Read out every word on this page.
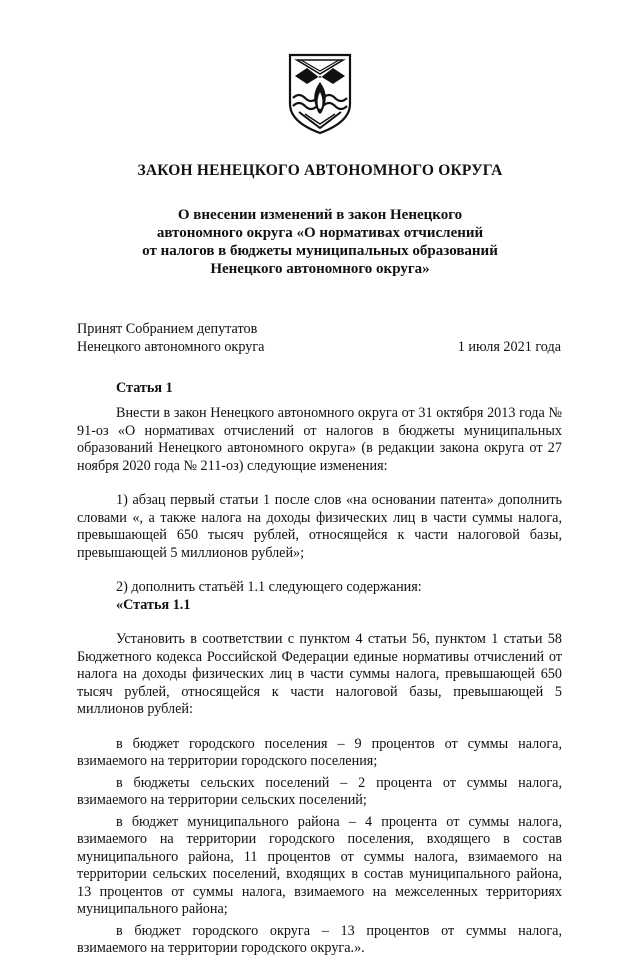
ЗАКОН НЕНЕЦКОГО АВТОНОМНОГО ОКРУГА
О внесении изменений в закон Ненецкого
автономного округа «О нормативах отчислений
от налогов в бюджеты муниципальных образований
Ненецкого автономного округа»
Принят Собранием депутатов
Ненецкого автономного округа	1 июля 2021 года
Статья 1

Внести в закон Ненецкого автономного округа от 31 октября 2013 года № 91-оз «О нормативах отчислений от налогов в бюджеты муниципальных образований Ненецкого автономного округа» (в редакции закона округа от 27 ноября 2020 года № 211-оз) следующие изменения:

1) абзац первый статьи 1 после слов «на основании патента» дополнить словами «, а также налога на доходы физических лиц в части суммы налога, превышающей 650 тысяч рублей, относящейся к части налоговой базы, превышающей 5 миллионов рублей»;

2) дополнить статьёй 1.1 следующего содержания:

«Статья 1.1

Установить в соответствии с пунктом 4 статьи 56, пунктом 1 статьи 58 Бюджетного кодекса Российской Федерации единые нормативы отчислений от налога на доходы физических лиц в части суммы налога, превышающей 650 тысяч рублей, относящейся к части налоговой базы, превышающей 5 миллионов рублей:

в бюджет городского поселения – 9 процентов от суммы налога, взимаемого на территории городского поселения;

в бюджеты сельских поселений – 2 процента от суммы налога, взимаемого на территории сельских поселений;

в бюджет муниципального района – 4 процента от суммы налога, взимаемого на территории городского поселения, входящего в состав муниципального района, 11 процентов от суммы налога, взимаемого на территории сельских поселений, входящих в состав муниципального района, 13 процентов от суммы налога, взимаемого на межселенных территориях муниципального района;

в бюджет городского округа – 13 процентов от суммы налога, взимаемого на территории городского округа.».
